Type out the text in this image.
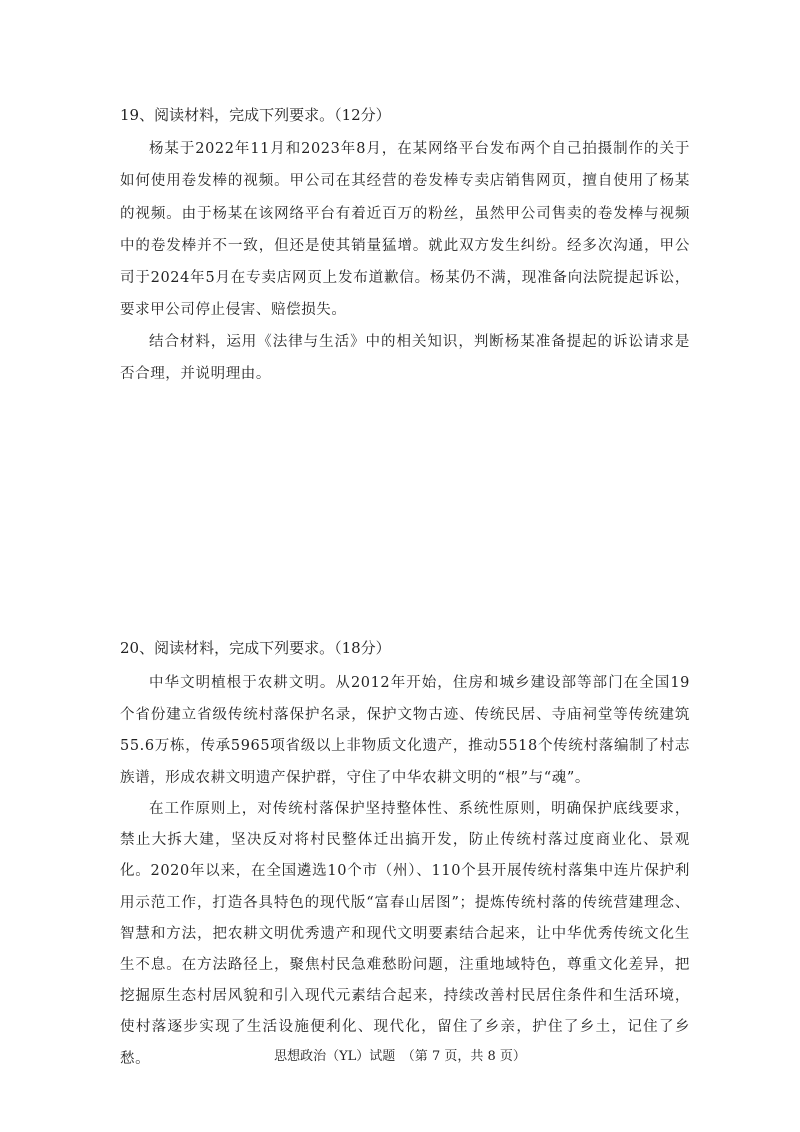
19、阅读材料，完成下列要求。（12分）

杨某于2022年11月和2023年8月，在某网络平台发布两个自己拍摄制作的关于如何使用卷发棒的视频。甲公司在其经营的卷发棒专卖店销售网页，擅自使用了杨某的视频。由于杨某在该网络平台有着近百万的粉丝，虽然甲公司售卖的卷发棒与视频中的卷发棒并不一致，但还是使其销量猛增。就此双方发生纠纷。经多次沟通，甲公司于2024年5月在专卖店网页上发布道歉信。杨某仍不满，现准备向法院提起诉讼，要求甲公司停止侵害、赔偿损失。

结合材料，运用《法律与生活》中的相关知识，判断杨某准备提起的诉讼请求是否合理，并说明理由。

20、阅读材料，完成下列要求。（18分）

中华文明植根于农耕文明。从2012年开始，住房和城乡建设部等部门在全国19个省份建立省级传统村落保护名录，保护文物古迹、传统民居、寺庙祠堂等传统建筑55.6万栋，传承5965项省级以上非物质文化遗产，推动5518个传统村落编制了村志族谱，形成农耕文明遗产保护群，守住了中华农耕文明的“根”与“魂”。

在工作原则上，对传统村落保护坚持整体性、系统性原则，明确保护底线要求，禁止大拆大建，坚决反对将村民整体迁出搞开发，防止传统村落过度商业化、景观化。2020年以来，在全国遴选10个市（州）、110个县开展传统村落集中连片保护利用示范工作，打造各具特色的现代版“富春山居图”；提炼传统村落的传统营建理念、智慧和方法，把农耕文明优秀遗产和现代文明要素结合起来，让中华优秀传统文化生生不息。在方法路径上，聚焦村民急难愁盼问题，注重地域特色，尊重文化差异，把挖掘原生态村居风貌和引入现代元素结合起来，持续改善村民居住条件和生活环境，使村落逐步实现了生活设施便利化、现代化，留住了乡亲，护住了乡土，记住了乡愁。	思想政治（YL）试题　（第 7 页，共 8 页）
